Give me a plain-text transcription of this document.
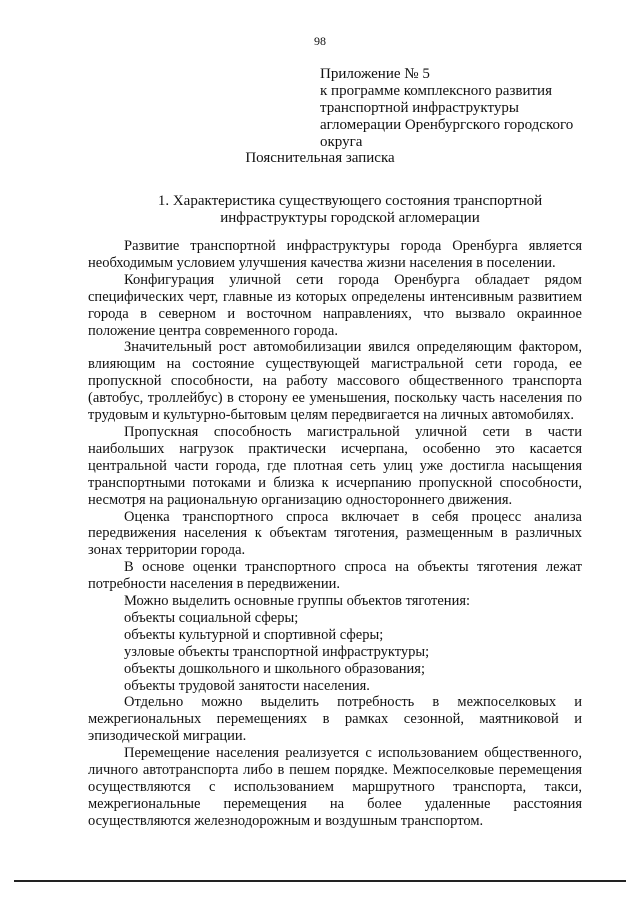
98
Приложение № 5
к программе комплексного развития
транспортной инфраструктуры
агломерации Оренбургского городского
округа
Пояснительная записка
1. Характеристика существующего состояния транспортной
инфраструктуры городской агломерации

Развитие транспортной инфраструктуры города Оренбурга является необходимым условием улучшения качества жизни населения в поселении.

Конфигурация уличной сети города Оренбурга обладает рядом специфических черт, главные из которых определены интенсивным развитием города в северном и восточном направлениях, что вызвало окраинное положение центра современного города.

Значительный рост автомобилизации явился определяющим фактором, влияющим на состояние существующей магистральной сети города, ее пропускной способности, на работу массового общественного транспорта (автобус, троллейбус) в сторону ее уменьшения, поскольку часть населения по трудовым и культурно-бытовым целям передвигается на личных автомобилях.

Пропускная способность магистральной уличной сети в части наибольших нагрузок практически исчерпана, особенно это касается центральной части города, где плотная сеть улиц уже достигла насыщения транспортными потоками и близка к исчерпанию пропускной способности, несмотря на рациональную организацию одностороннего движения.

Оценка транспортного спроса включает в себя процесс анализа передвижения населения к объектам тяготения, размещенным в различных зонах территории города.

В основе оценки транспортного спроса на объекты тяготения лежат потребности населения в передвижении.

Можно выделить основные группы объектов тяготения:

объекты социальной сферы;

объекты культурной и спортивной сферы;

узловые объекты транспортной инфраструктуры;

объекты дошкольного и школьного образования;

объекты трудовой занятости населения.

Отдельно можно выделить потребность в межпоселковых и межрегиональных перемещениях в рамках сезонной, маятниковой и эпизодической миграции.

Перемещение населения реализуется с использованием общественного, личного автотранспорта либо в пешем порядке. Межпоселковые перемещения осуществляются с использованием маршрутного транспорта, такси, межрегиональные перемещения на более удаленные расстояния осуществляются железнодорожным и воздушным транспортом.
